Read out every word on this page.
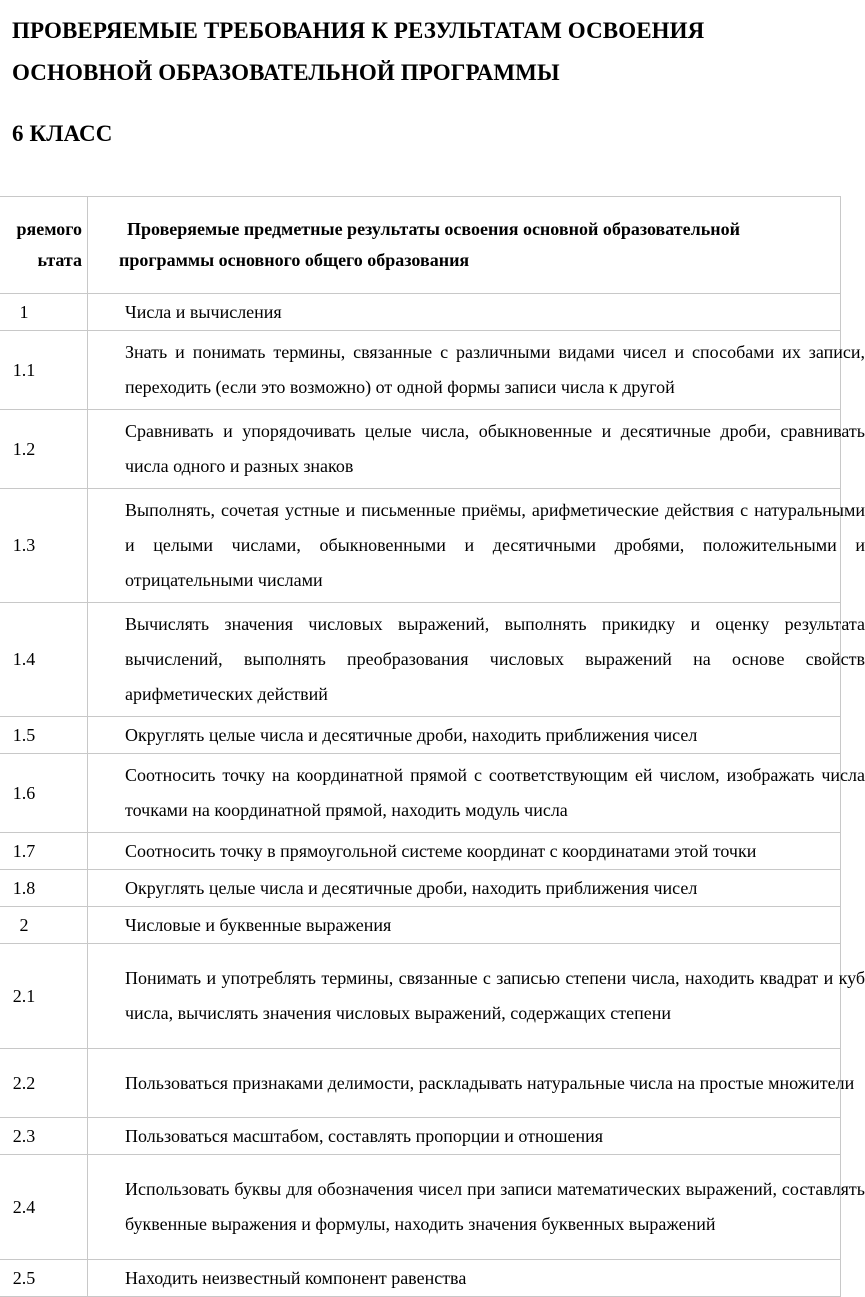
ПРОВЕРЯЕМЫЕ ТРЕБОВАНИЯ К РЕЗУЛЬТАТАМ ОСВОЕНИЯ
ОСНОВНОЙ ОБРАЗОВАТЕЛЬНОЙ ПРОГРАММЫ
6 КЛАСС
ряемого
ьтата	Проверяемые предметные результаты освоения основной образовательной
программы основного общего образования

1	Числа и вычисления

1.1	Знать и понимать термины, связанные с различными видами чисел и способами их записи, переходить (если это возможно) от одной формы записи числа к другой

1.2	Сравнивать и упорядочивать целые числа, обыкновенные и десятичные дроби, сравнивать числа одного и разных знаков

1.3	Выполнять, сочетая устные и письменные приёмы, арифметические действия с натуральными и целыми числами, обыкновенными и десятичными дробями, положительными и отрицательными числами

1.4	Вычислять значения числовых выражений, выполнять прикидку и оценку результата вычислений, выполнять преобразования числовых выражений на основе свойств арифметических действий

1.5	Округлять целые числа и десятичные дроби, находить приближения чисел

1.6	Соотносить точку на координатной прямой с соответствующим ей числом, изображать числа точками на координатной прямой, находить модуль числа

1.7	Соотносить точку в прямоугольной системе координат с координатами этой точки

1.8	Округлять целые числа и десятичные дроби, находить приближения чисел

2	Числовые и буквенные выражения

2.1	Понимать и употреблять термины, связанные с записью степени числа, находить квадрат и куб числа, вычислять значения числовых выражений, содержащих степени

2.2	Пользоваться признаками делимости, раскладывать натуральные числа на простые множители

2.3	Пользоваться масштабом, составлять пропорции и отношения

2.4	Использовать буквы для обозначения чисел при записи математических выражений, составлять буквенные выражения и формулы, находить значения буквенных выражений

2.5	Находить неизвестный компонент равенства
